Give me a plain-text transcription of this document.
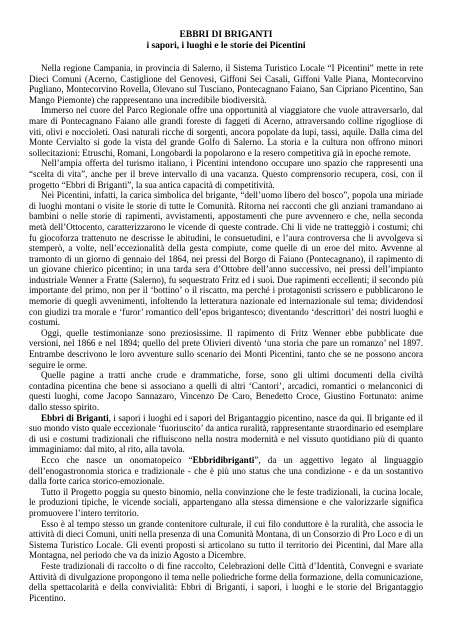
EBBRI DI BRIGANTI

i sapori, i luoghi e le storie dei Picentini

Nella regione Campania, in provincia di Salerno, il Sistema Turistico Locale “I Picentini” mette in rete Dieci Comuni (Acerno, Castiglione del Genovesi, Giffoni Sei Casali, Giffoni Valle Piana, Montecorvino Pugliano, Montecorvino Rovella, Olevano sul Tusciano, Pontecagnano Faiano, San Cipriano Picentino, San Mango Piemonte) che rappresentano una incredibile biodiversità.

Immerso nel cuore del Parco Regionale offre una opportunità al viaggiatore che vuole attraversarlo, dal mare di Pontecagnano Faiano alle grandi foreste di faggeti di Acerno, attraversando colline rigogliose di viti, olivi e noccioleti. Oasi naturali ricche di sorgenti, ancora popolate da lupi, tassi, aquile. Dalla cima del Monte Cervialto si gode la vista del grande Golfo di Salerno. La storia e la cultura non offrono minori sollecitazioni: Etruschi, Romani, Longobardi la popolarono e la resero competitiva già in epoche remote.

Nell’ampia offerta del turismo italiano, i Picentini intendono occupare uno spazio che rappresenti una “scelta di vita”, anche per il breve intervallo di una vacanza. Questo comprensorio recupera, così, con il progetto “Ebbri di Briganti”, la sua antica capacità di competitività.

Nei Picentini, infatti, la carica simbolica del brigante, “dell’uomo libero del bosco”, popola una miriade di luoghi montani o visite le storie di tutte le Comunità. Ritorna nei racconti che gli anziani tramandano ai bambini o nelle storie di rapimenti, avvistamenti, appostamenti che pure avvennero e che, nella seconda metà dell’Ottocento, caratterizzarono le vicende di queste contrade. Chi li vide ne tratteggiò i costumi; chi fu giocoforza trattenuto ne descrisse le abitudini, le consuetudini, e l’aura controversa che li avvolgeva si stemperò, a volte, nell’eccezionalità della gesta compiute, come quelle di un eroe del mito. Avvenne al tramonto di un giorno di gennaio del 1864, nei pressi del Borgo di Faiano (Pontecagnano), il rapimento di un giovane chierico picentino; in una tarda sera d’Ottobre dell’anno successivo, nei pressi dell’impianto industriale Wenner a Fratte (Salerno), fu sequestrato Fritz ed i suoi. Due rapimenti eccellenti; il secondo più importante del primo, non per il ‘bottino’ o il riscatto, ma perché i protagonisti scrissero e pubblicarono le memorie di quegli avvenimenti, infoltendo la letteratura nazionale ed internazionale sul tema; dividendosi con giudizi tra morale e ‘furor’ romantico dell’epos brigantesco; diventando ‘descrittori’ dei nostri luoghi e costumi.

Oggi, quelle testimonianze sono preziosissime. Il rapimento di Fritz Wenner ebbe pubblicate due versioni, nel 1866 e nel 1894; quello del prete Olivieri diventò ‘una storia che pare un romanzo’ nel 1897. Entrambe descrivono le loro avventure sullo scenario dei Monti Picentini, tanto che se ne possono ancora seguire le orme.

Quelle pagine a tratti anche crude e drammatiche, forse, sono gli ultimi documenti della civiltà contadina picentina che bene si associano a quelli di altri ‘Cantori’, arcadici, romantici o melanconici di questi luoghi, come Jacopo Sannazaro, Vincenzo De Caro, Benedetto Croce, Giustino Fortunato: anime dallo stesso spirito.

Ebbri di Briganti, i sapori i luoghi ed i sapori del Brigantaggio picentino, nasce da qui. Il brigante ed il suo mondo visto quale eccezionale ‘fuoriuscito’ da antica ruralità, rappresentante straordinario ed esemplare di usi e costumi tradizionali che rifluiscono nella nostra modernità e nel vissuto quotidiano più di quanto immaginiamo: dal mito, al rito, alla tavola.

Ecco che nasce un onomatopeico “Ebbridibriganti”, da un aggettivo legato al linguaggio dell’enogastronomia storica e tradizionale - che è più uno status che una condizione - e da un sostantivo dalla forte carica storico-emozionale.

Tutto il Progetto poggia su questo binomio, nella convinzione che le feste tradizionali, la cucina locale, le produzioni tipiche, le vicende sociali, appartengano alla stessa dimensione e che valorizzarle significa promuovere l’intero territorio.

Esso è al tempo stesso un grande contenitore culturale, il cui filo conduttore è la ruralità, che associa le attività di dieci Comuni, uniti nella presenza di una Comunità Montana, di un Consorzio di Pro Loco e di un Sistema Turistico Locale. Gli eventi proposti si articolano su tutto il territorio dei Picentini, dal Mare alla Montagna, nel periodo che va da inizio Agosto a Dicembre.

Feste tradizionali di raccolto o di fine raccolto, Celebrazioni delle Città d’Identità, Convegni e svariate Attività di divulgazione propongono il tema nelle poliedriche forme della formazione, della comunicazione, della spettacolarità e della convivialità: Ebbri di Briganti, i sapori, i luoghi e le storie del Brigantaggio Picentino.
